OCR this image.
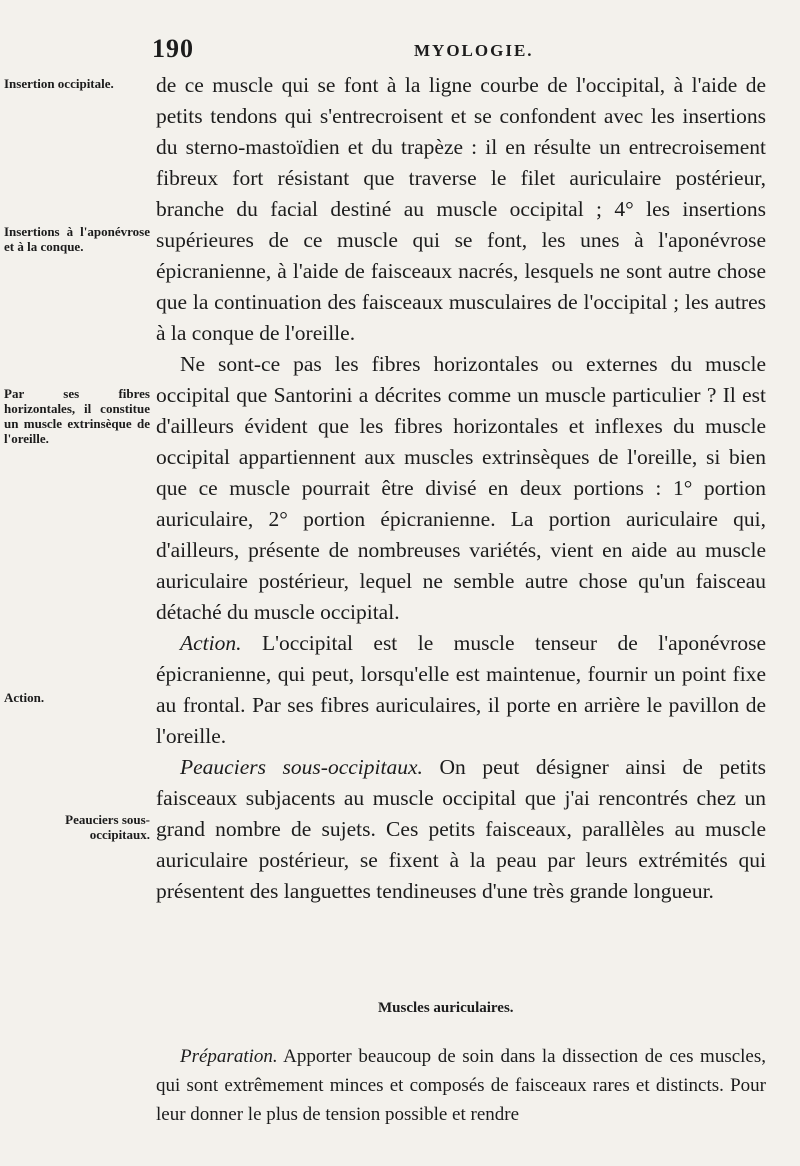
190	MYOLOGIE.
Insertion occipitale.
Insertions à l'aponévrose et à la conque.
Par ses fibres horizontales, il constitue un muscle extrinsèque de l'oreille.
Action.
Peauciers sous-occipitaux.

de ce muscle qui se font à la ligne courbe de l'occipital, à l'aide de petits tendons qui s'entrecroisent et se confondent avec les insertions du sterno-mastoïdien et du trapèze : il en résulte un entrecroisement fibreux fort résistant que traverse le filet auriculaire postérieur, branche du facial destiné au muscle occipital ; 4° les insertions supérieures de ce muscle qui se font, les unes à l'aponévrose épicranienne, à l'aide de faisceaux nacrés, lesquels ne sont autre chose que la continuation des faisceaux musculaires de l'occipital ; les autres à la conque de l'oreille.

Ne sont-ce pas les fibres horizontales ou externes du muscle occipital que Santorini a décrites comme un muscle particulier ? Il est d'ailleurs évident que les fibres horizontales et inflexes du muscle occipital appartiennent aux muscles extrinsèques de l'oreille, si bien que ce muscle pourrait être divisé en deux portions : 1° portion auriculaire, 2° portion épicranienne. La portion auriculaire qui, d'ailleurs, présente de nombreuses variétés, vient en aide au muscle auriculaire postérieur, lequel ne semble autre chose qu'un faisceau détaché du muscle occipital.

Action. L'occipital est le muscle tenseur de l'aponévrose épicranienne, qui peut, lorsqu'elle est maintenue, fournir un point fixe au frontal. Par ses fibres auriculaires, il porte en arrière le pavillon de l'oreille.

Peauciers sous-occipitaux. On peut désigner ainsi de petits faisceaux subjacents au muscle occipital que j'ai rencontrés chez un grand nombre de sujets. Ces petits faisceaux, parallèles au muscle auriculaire postérieur, se fixent à la peau par leurs extrémités qui présentent des languettes tendineuses d'une très grande longueur.

Muscles auriculaires.

Préparation. Apporter beaucoup de soin dans la dissection de ces muscles, qui sont extrêmement minces et composés de faisceaux rares et distincts. Pour leur donner le plus de tension possible et rendre
